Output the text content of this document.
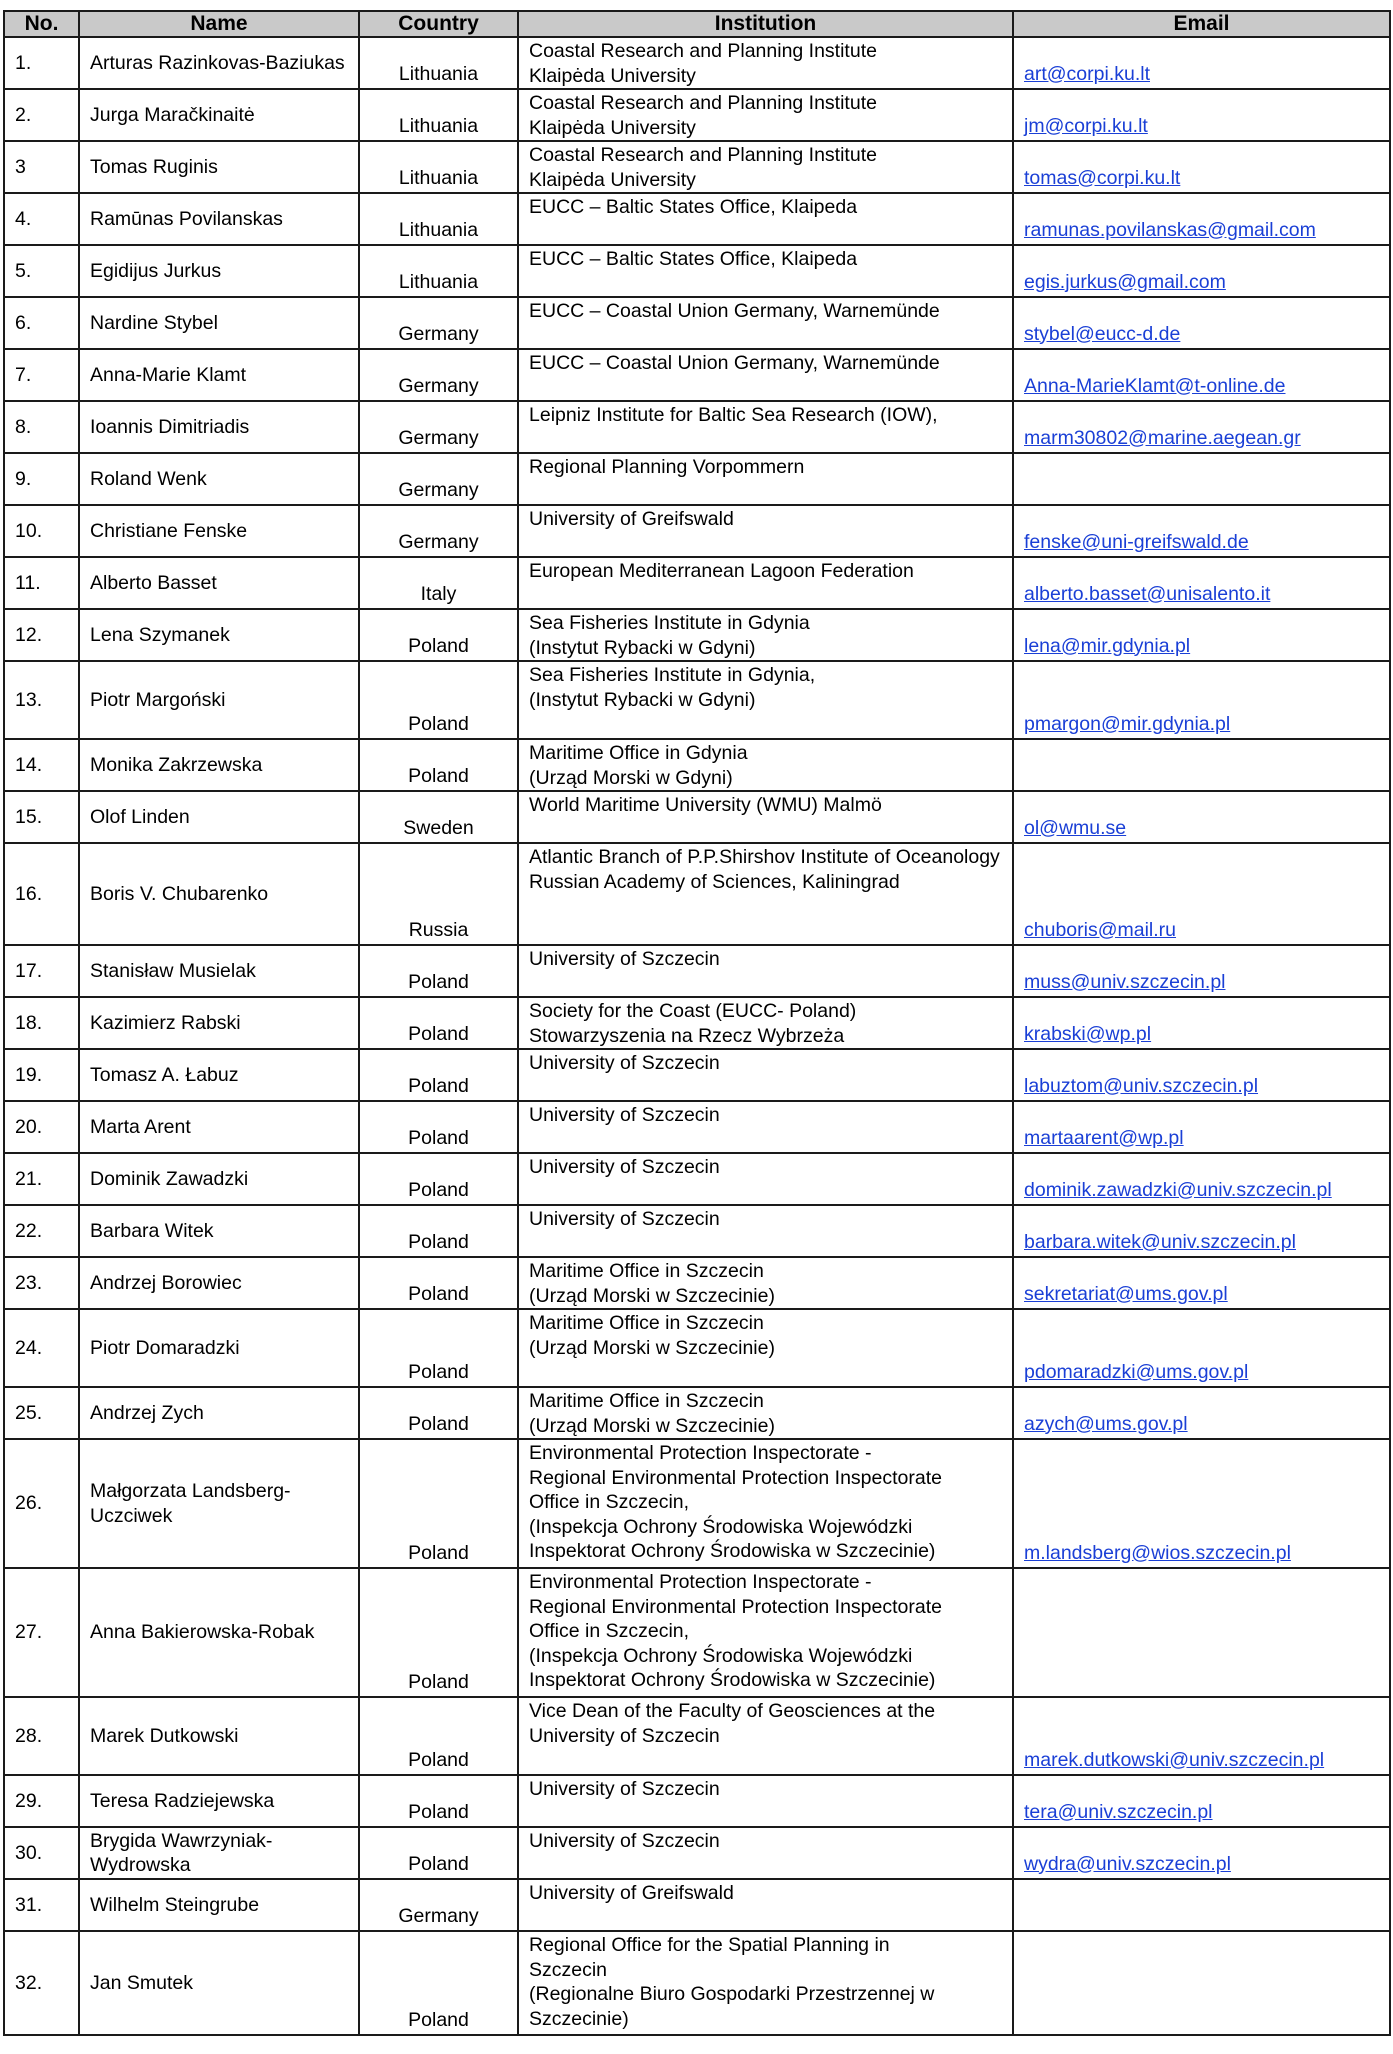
No.	Name	Country	Institution	Email
1.	Arturas Razinkovas-Baziukas	Lithuania	Coastal Research and Planning Institute
Klaipėda University	art@corpi.ku.lt
2.	Jurga Maračkinaitė	Lithuania	Coastal Research and Planning Institute
Klaipėda University	jm@corpi.ku.lt
3	Tomas Ruginis	Lithuania	Coastal Research and Planning Institute
Klaipėda University	tomas@corpi.ku.lt
4.	Ramūnas Povilanskas	Lithuania	EUCC – Baltic States Office, Klaipeda	ramunas.povilanskas@gmail.com
5.	Egidijus Jurkus	Lithuania	EUCC – Baltic States Office, Klaipeda	egis.jurkus@gmail.com
6.	Nardine Stybel	Germany	EUCC – Coastal Union Germany, Warnemünde	stybel@eucc-d.de
7.	Anna-Marie Klamt	Germany	EUCC – Coastal Union Germany, Warnemünde	Anna-MarieKlamt@t-online.de
8.	Ioannis Dimitriadis	Germany	Leipniz Institute for Baltic Sea Research (IOW),	marm30802@marine.aegean.gr
9.	Roland Wenk	Germany	Regional Planning Vorpommern	
10.	Christiane Fenske	Germany	University of Greifswald	fenske@uni-greifswald.de
11.	Alberto Basset	Italy	European Mediterranean Lagoon Federation	alberto.basset@unisalento.it
12.	Lena Szymanek	Poland	Sea Fisheries Institute in Gdynia
(Instytut Rybacki w Gdyni)	lena@mir.gdynia.pl
13.	Piotr Margoński	Poland	Sea Fisheries Institute in Gdynia,
(Instytut Rybacki w Gdyni)	pmargon@mir.gdynia.pl
14.	Monika Zakrzewska	Poland	Maritime Office in Gdynia
(Urząd Morski w Gdyni)	
15.	Olof Linden	Sweden	World Maritime University (WMU) Malmö	ol@wmu.se
16.	Boris V. Chubarenko	Russia	Atlantic Branch of P.P.Shirshov Institute of Oceanology
Russian Academy of Sciences, Kaliningrad	chuboris@mail.ru
17.	Stanisław Musielak	Poland	University of Szczecin	muss@univ.szczecin.pl
18.	Kazimierz Rabski	Poland	Society for the Coast (EUCC- Poland)
Stowarzyszenia na Rzecz Wybrzeża	krabski@wp.pl
19.	Tomasz A. Łabuz	Poland	University of Szczecin	labuztom@univ.szczecin.pl
20.	Marta Arent	Poland	University of Szczecin	martaarent@wp.pl
21.	Dominik Zawadzki	Poland	University of Szczecin	dominik.zawadzki@univ.szczecin.pl
22.	Barbara Witek	Poland	University of Szczecin	barbara.witek@univ.szczecin.pl
23.	Andrzej Borowiec	Poland	Maritime Office in Szczecin
(Urząd Morski w Szczecinie)	sekretariat@ums.gov.pl
24.	Piotr Domaradzki	Poland	Maritime Office in Szczecin
(Urząd Morski w Szczecinie)	pdomaradzki@ums.gov.pl
25.	Andrzej Zych	Poland	Maritime Office in Szczecin
(Urząd Morski w Szczecinie)	azych@ums.gov.pl
26.	Małgorzata Landsberg-Uczciwek	Poland	Environmental Protection Inspectorate -
Regional Environmental Protection Inspectorate
Office in Szczecin,
(Inspekcja Ochrony Środowiska Wojewódzki
Inspektorat Ochrony Środowiska w Szczecinie)	m.landsberg@wios.szczecin.pl
27.	Anna Bakierowska-Robak	Poland	Environmental Protection Inspectorate -
Regional Environmental Protection Inspectorate
Office in Szczecin,
(Inspekcja Ochrony Środowiska Wojewódzki
Inspektorat Ochrony Środowiska w Szczecinie)	
28.	Marek Dutkowski	Poland	Vice Dean of the Faculty of Geosciences at the
University of Szczecin	marek.dutkowski@univ.szczecin.pl
29.	Teresa Radziejewska	Poland	University of Szczecin	tera@univ.szczecin.pl
30.	Brygida Wawrzyniak-Wydrowska	Poland	University of Szczecin	wydra@univ.szczecin.pl
31.	Wilhelm Steingrube	Germany	University of Greifswald	
32.	Jan Smutek	Poland	Regional Office for the Spatial Planning in
Szczecin
(Regionalne Biuro Gospodarki Przestrzennej w
Szczecinie)	
